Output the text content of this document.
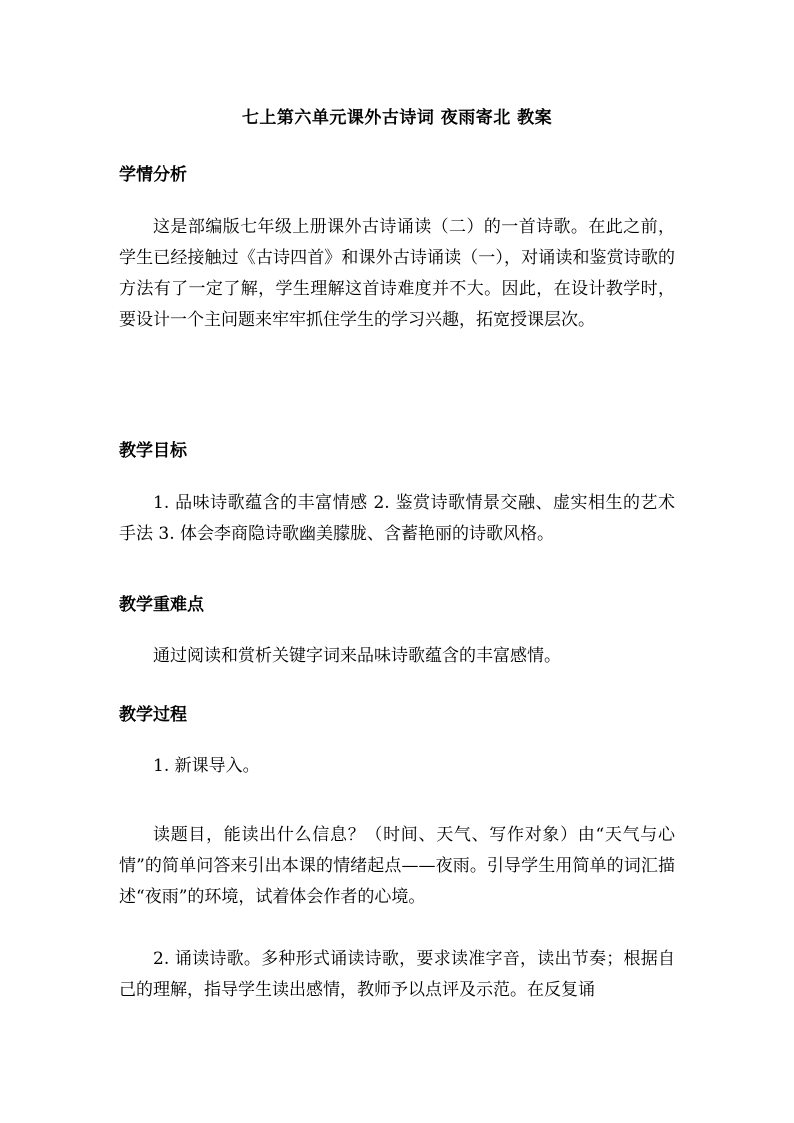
七上第六单元课外古诗词 夜雨寄北 教案
学情分析

这是部编版七年级上册课外古诗诵读（二）的一首诗歌。在此之前，学生已经接触过《古诗四首》和课外古诗诵读（一），对诵读和鉴赏诗歌的方法有了一定了解，学生理解这首诗难度并不大。因此，在设计教学时，要设计一个主问题来牢牢抓住学生的学习兴趣，拓宽授课层次。

教学目标

1. 品味诗歌蕴含的丰富情感 2. 鉴赏诗歌情景交融、虚实相生的艺术手法 3. 体会李商隐诗歌幽美朦胧、含蓄艳丽的诗歌风格。

教学重难点

通过阅读和赏析关键字词来品味诗歌蕴含的丰富感情。

教学过程

1. 新课导入。

读题目，能读出什么信息？（时间、天气、写作对象）由“天气与心情”的简单问答来引出本课的情绪起点——夜雨。引导学生用简单的词汇描述“夜雨”的环境，试着体会作者的心境。

2. 诵读诗歌。多种形式诵读诗歌，要求读准字音，读出节奏；根据自己的理解，指导学生读出感情，教师予以点评及示范。在反复诵
